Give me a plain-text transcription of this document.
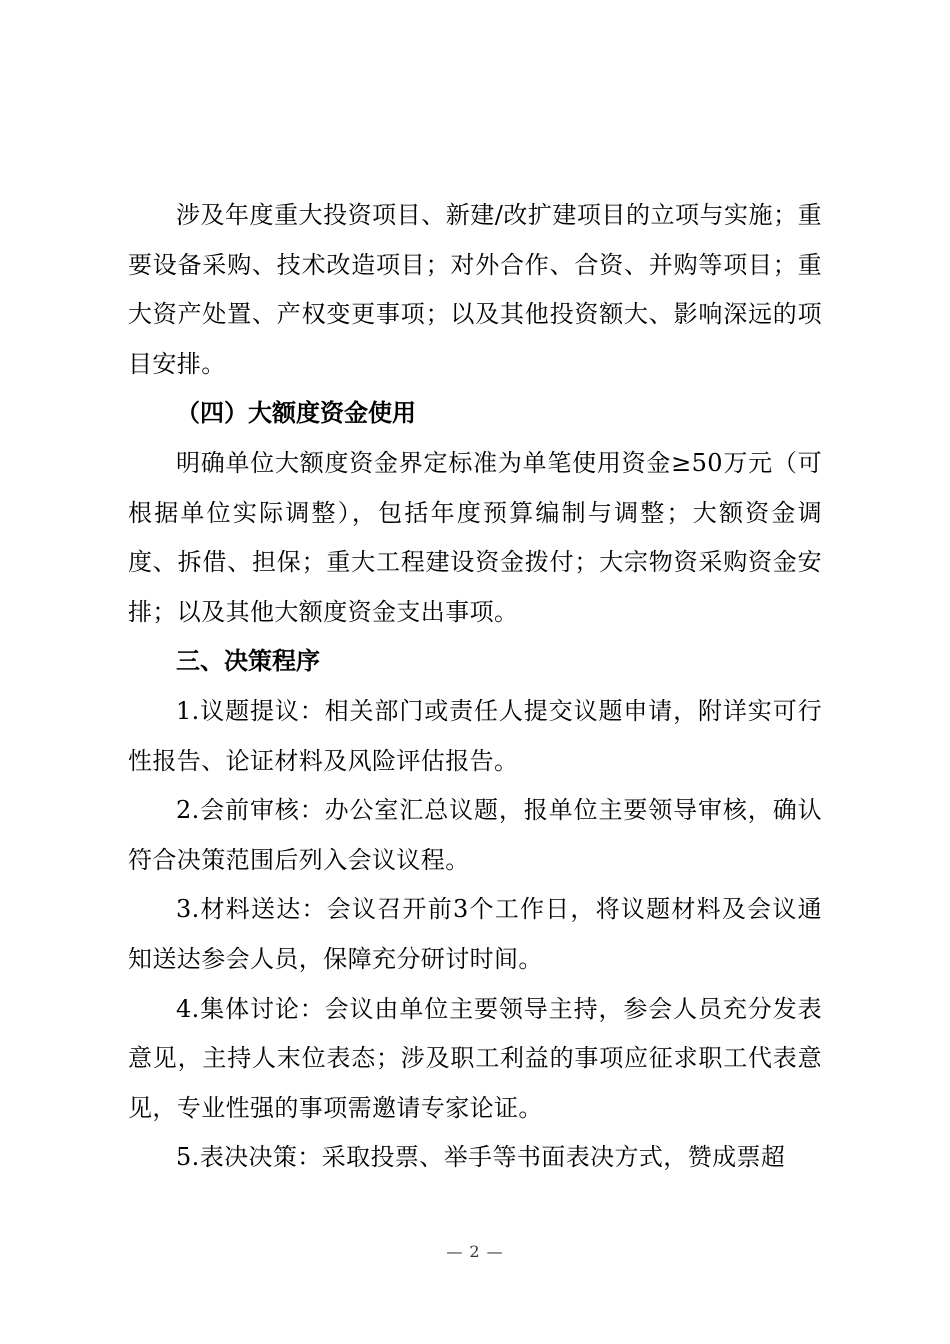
涉及年度重大投资项目、新建/改扩建项目的立项与实施；重要设备采购、技术改造项目；对外合作、合资、并购等项目；重大资产处置、产权变更事项；以及其他投资额大、影响深远的项目安排。

（四）大额度资金使用

明确单位大额度资金界定标准为单笔使用资金≥50万元（可根据单位实际调整），包括年度预算编制与调整；大额资金调度、拆借、担保；重大工程建设资金拨付；大宗物资采购资金安排；以及其他大额度资金支出事项。

三、决策程序

1.议题提议：相关部门或责任人提交议题申请，附详实可行性报告、论证材料及风险评估报告。

2.会前审核：办公室汇总议题，报单位主要领导审核，确认符合决策范围后列入会议议程。

3.材料送达：会议召开前3个工作日，将议题材料及会议通知送达参会人员，保障充分研讨时间。

4.集体讨论：会议由单位主要领导主持，参会人员充分发表意见，主持人末位表态；涉及职工利益的事项应征求职工代表意见，专业性强的事项需邀请专家论证。

5.表决决策：采取投票、举手等书面表决方式，赞成票超

— 2 —
